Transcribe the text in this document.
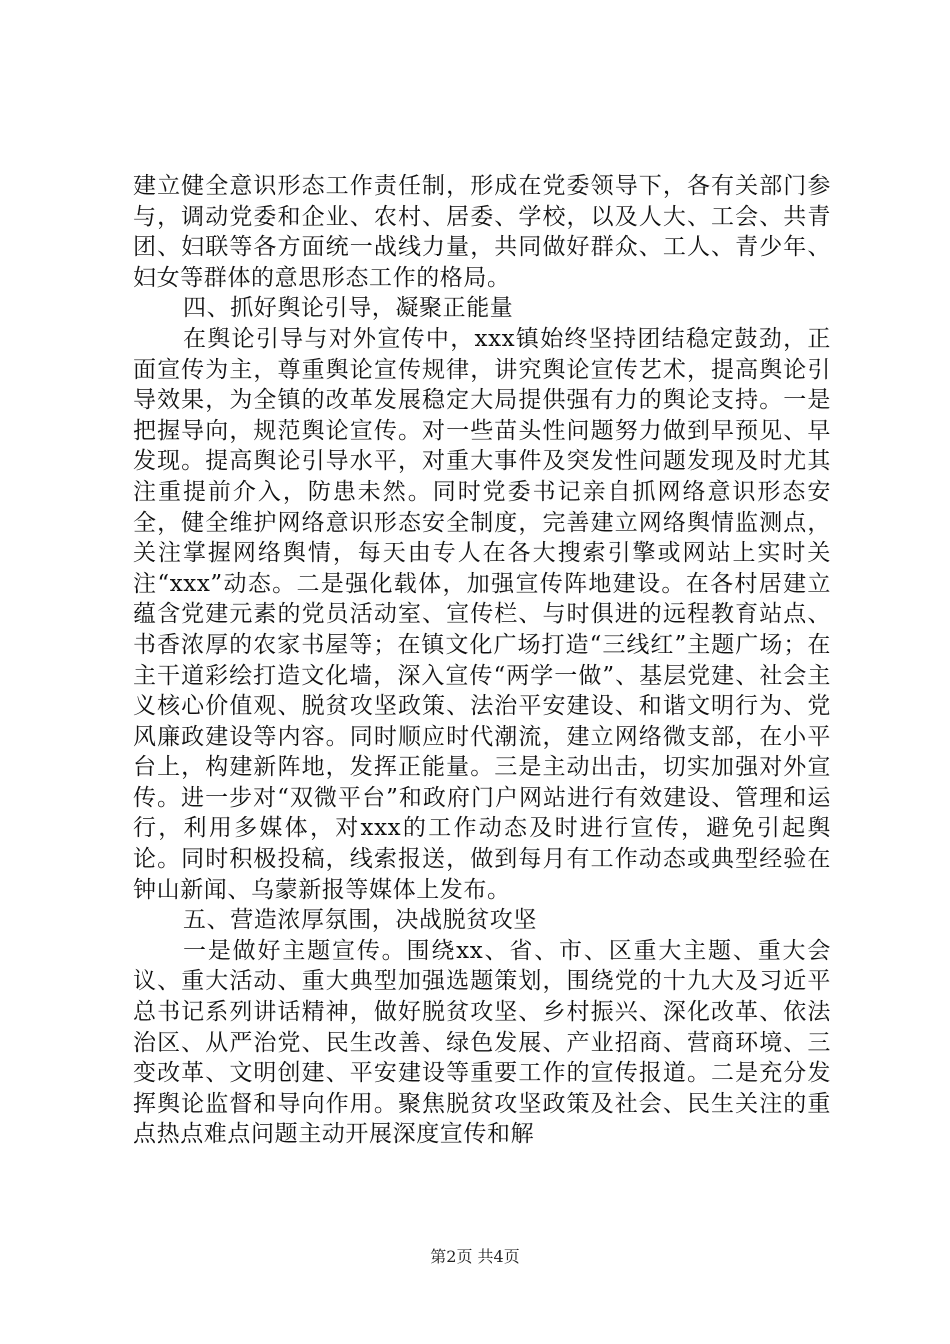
建立健全意识形态工作责任制，形成在党委领导下，各有关部门参与，调动党委和企业、农村、居委、学校，以及人大、工会、共青团、妇联等各方面统一战线力量，共同做好群众、工人、青少年、妇女等群体的意思形态工作的格局。

四、抓好舆论引导，凝聚正能量

在舆论引导与对外宣传中，xxx镇始终坚持团结稳定鼓劲，正面宣传为主，尊重舆论宣传规律，讲究舆论宣传艺术，提高舆论引导效果，为全镇的改革发展稳定大局提供强有力的舆论支持。一是把握导向，规范舆论宣传。对一些苗头性问题努力做到早预见、早发现。提高舆论引导水平，对重大事件及突发性问题发现及时尤其注重提前介入，防患未然。同时党委书记亲自抓网络意识形态安全，健全维护网络意识形态安全制度，完善建立网络舆情监测点，关注掌握网络舆情，每天由专人在各大搜索引擎或网站上实时关注“xxx”动态。二是强化载体，加强宣传阵地建设。在各村居建立蕴含党建元素的党员活动室、宣传栏、与时俱进的远程教育站点、书香浓厚的农家书屋等；在镇文化广场打造“三线红”主题广场；在主干道彩绘打造文化墙，深入宣传“两学一做”、基层党建、社会主义核心价值观、脱贫攻坚政策、法治平安建设、和谐文明行为、党风廉政建设等内容。同时顺应时代潮流，建立网络微支部，在小平台上，构建新阵地，发挥正能量。三是主动出击，切实加强对外宣传。进一步对“双微平台”和政府门户网站进行有效建设、管理和运行，利用多媒体，对xxx的工作动态及时进行宣传，避免引起舆论。同时积极投稿，线索报送，做到每月有工作动态或典型经验在钟山新闻、乌蒙新报等媒体上发布。

五、营造浓厚氛围，决战脱贫攻坚

一是做好主题宣传。围绕xx、省、市、区重大主题、重大会议、重大活动、重大典型加强选题策划，围绕党的十九大及习近平总书记系列讲话精神，做好脱贫攻坚、乡村振兴、深化改革、依法治区、从严治党、民生改善、绿色发展、产业招商、营商环境、三变改革、文明创建、平安建设等重要工作的宣传报道。二是充分发挥舆论监督和导向作用。聚焦脱贫攻坚政策及社会、民生关注的重点热点难点问题主动开展深度宣传和解

第2页 共4页
